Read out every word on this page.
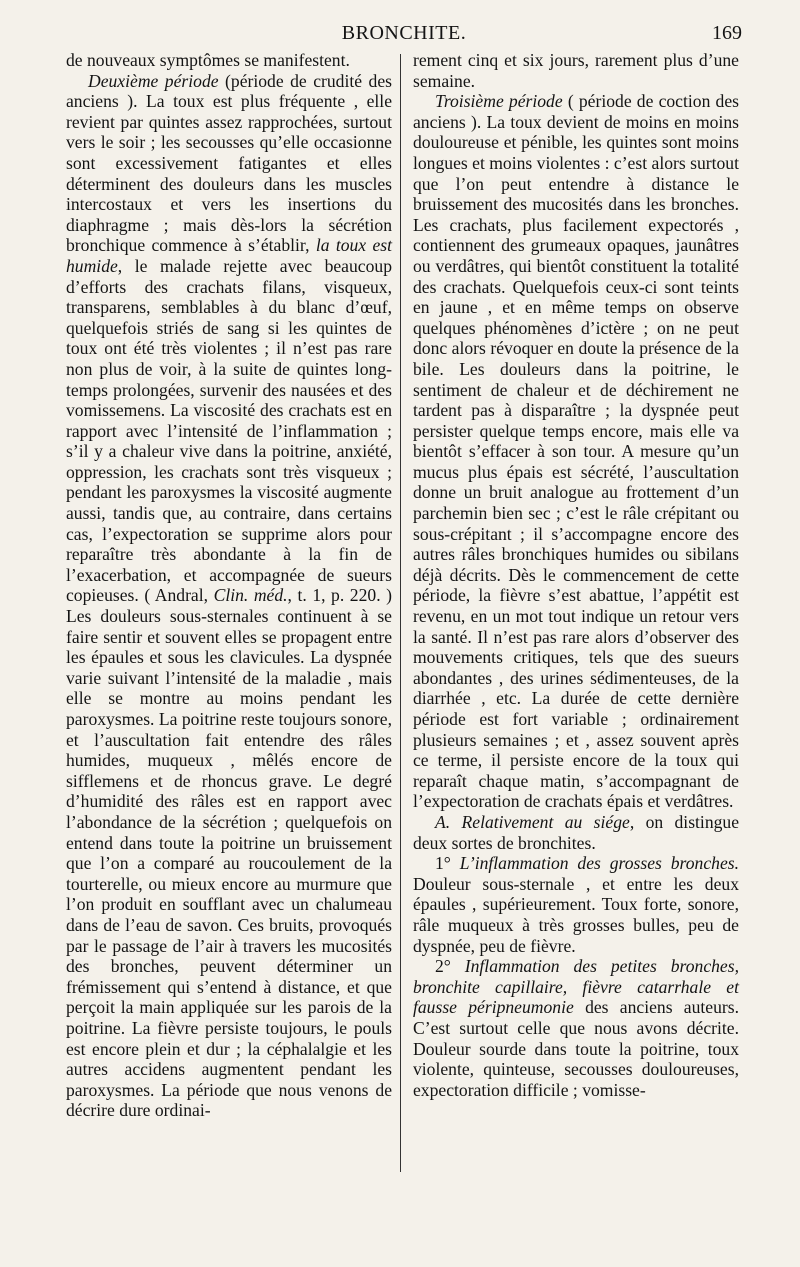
BRONCHITE.	169

de nouveaux symptômes se manifestent.

Deuxième période (période de crudité des anciens ). La toux est plus fréquente , elle revient par quintes assez rapprochées, surtout vers le soir ; les secousses qu’elle occasionne sont excessivement fatigantes et elles déterminent des douleurs dans les muscles intercostaux et vers les insertions du diaphragme ; mais dès-lors la sécrétion bronchique commence à s’établir, la toux est humide, le malade rejette avec beaucoup d’efforts des crachats filans, visqueux, transparens, semblables à du blanc d’œuf, quelquefois striés de sang si les quintes de toux ont été très violentes ; il n’est pas rare non plus de voir, à la suite de quintes long-temps prolongées, survenir des nausées et des vomissemens. La viscosité des crachats est en rapport avec l’intensité de l’inflammation ; s’il y a chaleur vive dans la poitrine, anxiété, oppression, les crachats sont très visqueux ; pendant les paroxysmes la viscosité augmente aussi, tandis que, au contraire, dans certains cas, l’expectoration se supprime alors pour reparaître très abondante à la fin de l’exacerbation, et accompagnée de sueurs copieuses. ( Andral, Clin. méd., t. 1, p. 220. ) Les douleurs sous-sternales continuent à se faire sentir et souvent elles se propagent entre les épaules et sous les clavicules. La dyspnée varie suivant l’intensité de la maladie , mais elle se montre au moins pendant les paroxysmes. La poitrine reste toujours sonore, et l’auscultation fait entendre des râles humides, muqueux , mêlés encore de sifflemens et de rhoncus grave. Le degré d’humidité des râles est en rapport avec l’abondance de la sécrétion ; quelquefois on entend dans toute la poitrine un bruissement que l’on a comparé au roucoulement de la tourterelle, ou mieux encore au murmure que l’on produit en soufflant avec un chalumeau dans de l’eau de savon. Ces bruits, provoqués par le passage de l’air à travers les mucosités des bronches, peuvent déterminer un frémissement qui s’entend à distance, et que perçoit la main appliquée sur les parois de la poitrine. La fièvre persiste toujours, le pouls est encore plein et dur ; la céphalalgie et les autres accidens augmentent pendant les paroxysmes. La période que nous venons de décrire dure ordinai-

rement cinq et six jours, rarement plus d’une semaine.

Troisième période ( période de coction des anciens ). La toux devient de moins en moins douloureuse et pénible, les quintes sont moins longues et moins violentes : c’est alors surtout que l’on peut entendre à distance le bruissement des mucosités dans les bronches. Les crachats, plus facilement expectorés , contiennent des grumeaux opaques, jaunâtres ou verdâtres, qui bientôt constituent la totalité des crachats. Quelquefois ceux-ci sont teints en jaune , et en même temps on observe quelques phénomènes d’ictère ; on ne peut donc alors révoquer en doute la présence de la bile. Les douleurs dans la poitrine, le sentiment de chaleur et de déchirement ne tardent pas à disparaître ; la dyspnée peut persister quelque temps encore, mais elle va bientôt s’effacer à son tour. A mesure qu’un mucus plus épais est sécrété, l’auscultation donne un bruit analogue au frottement d’un parchemin bien sec ; c’est le râle crépitant ou sous-crépitant ; il s’accompagne encore des autres râles bronchiques humides ou sibilans déjà décrits. Dès le commencement de cette période, la fièvre s’est abattue, l’appétit est revenu, en un mot tout indique un retour vers la santé. Il n’est pas rare alors d’observer des mouvements critiques, tels que des sueurs abondantes , des urines sédimenteuses, de la diarrhée , etc. La durée de cette dernière période est fort variable ; ordinairement plusieurs semaines ; et , assez souvent après ce terme, il persiste encore de la toux qui reparaît chaque matin, s’accompagnant de l’expectoration de crachats épais et verdâtres.

A. Relativement au siége, on distingue deux sortes de bronchites.

1° L’inflammation des grosses bronches. Douleur sous-sternale , et entre les deux épaules , supérieurement. Toux forte, sonore, râle muqueux à très grosses bulles, peu de dyspnée, peu de fièvre.

2° Inflammation des petites bronches, bronchite capillaire, fièvre catarrhale et fausse péripneumonie des anciens auteurs. C’est surtout celle que nous avons décrite. Douleur sourde dans toute la poitrine, toux violente, quinteuse, secousses douloureuses, expectoration difficile ; vomisse-
